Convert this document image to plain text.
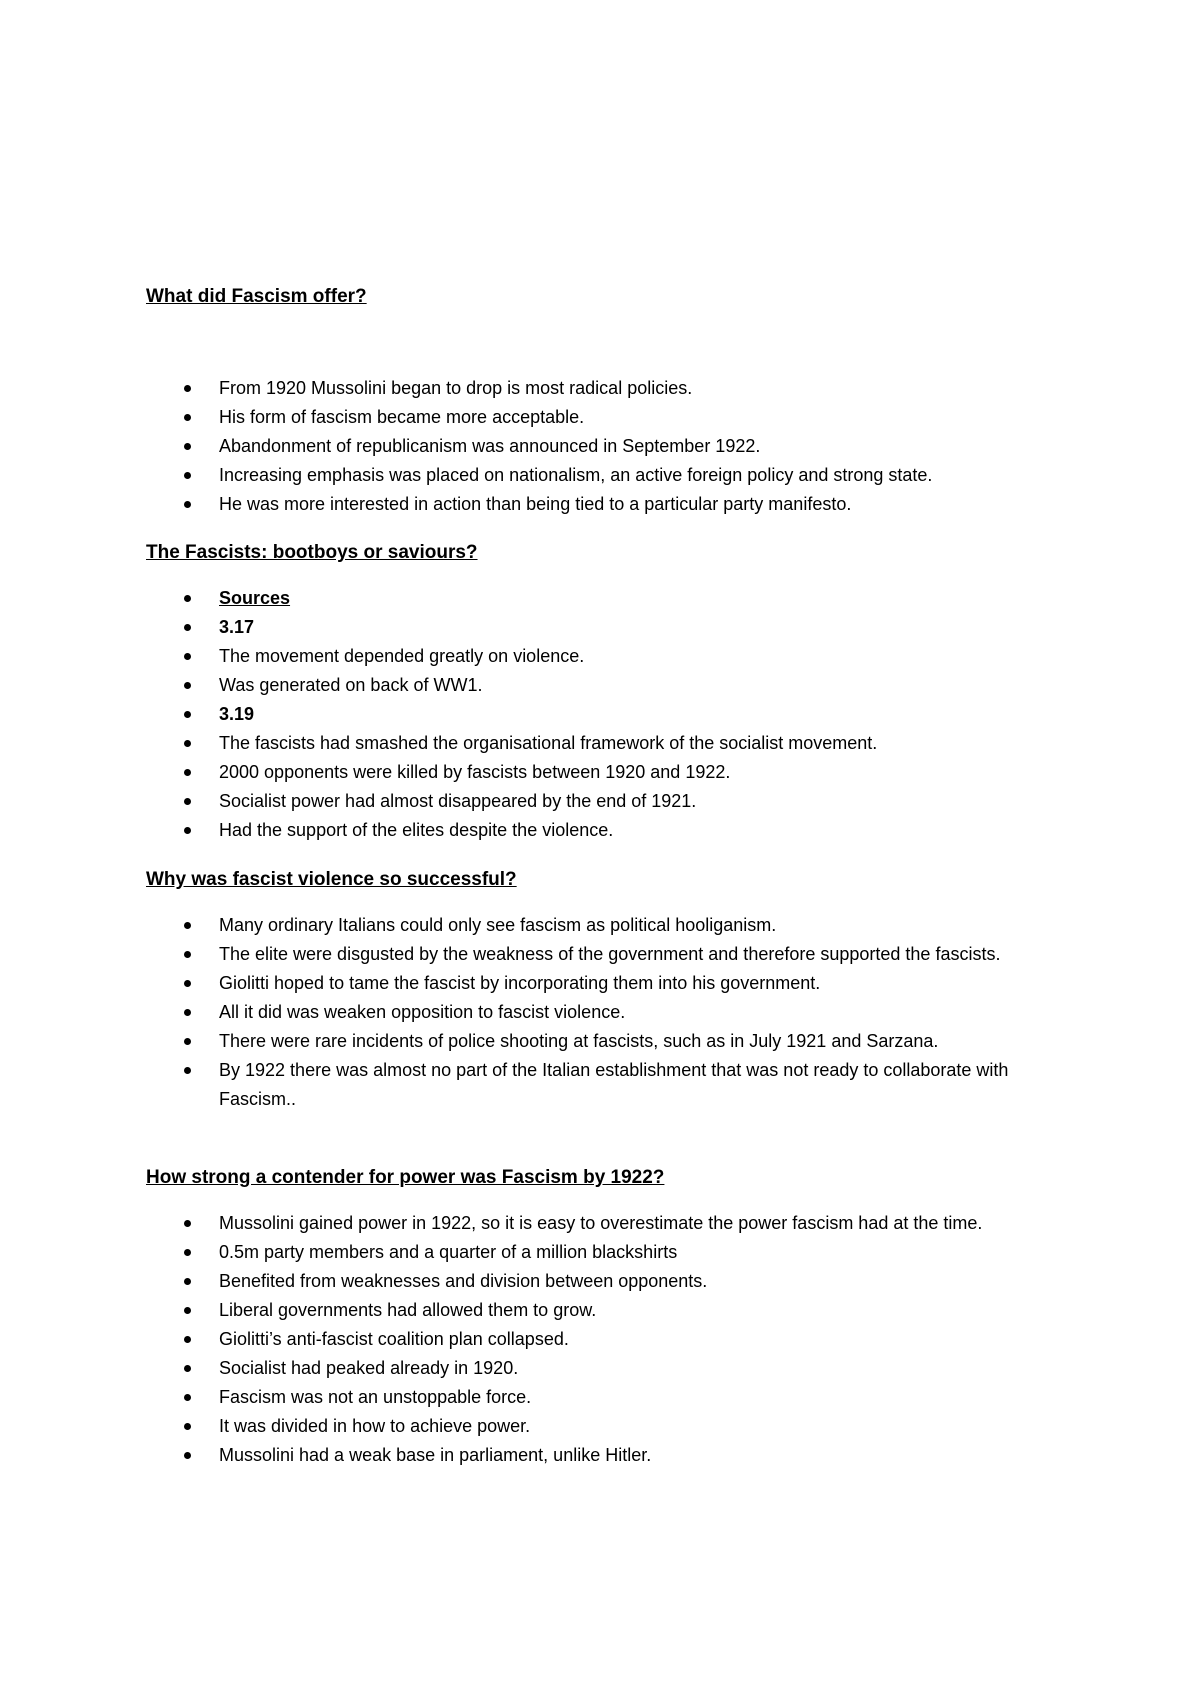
What did Fascism offer?
From 1920 Mussolini began to drop is most radical policies.
His form of fascism became more acceptable.
Abandonment of republicanism was announced in September 1922.
Increasing emphasis was placed on nationalism, an active foreign policy and strong state.
He was more interested in action than being tied to a particular party manifesto.
The Fascists: bootboys or saviours?
Sources
3.17
The movement depended greatly on violence.
Was generated on back of WW1.
3.19
The fascists had smashed the organisational framework of the socialist movement.
2000 opponents were killed by fascists between 1920 and 1922.
Socialist power had almost disappeared by the end of 1921.
Had the support of the elites despite the violence.
Why was fascist violence so successful?
Many ordinary Italians could only see fascism as political hooliganism.
The elite were disgusted by the weakness of the government and therefore supported the fascists.
Giolitti hoped to tame the fascist by incorporating them into his government.
All it did was weaken opposition to fascist violence.
There were rare incidents of police shooting at fascists, such as in July 1921 and Sarzana.
By 1922 there was almost no part of the Italian establishment that was not ready to collaborate with Fascism..
How strong a contender for power was Fascism by 1922?
Mussolini gained power in 1922, so it is easy to overestimate the power fascism had at the time.
0.5m party members and a quarter of a million blackshirts
Benefited from weaknesses and division between opponents.
Liberal governments had allowed them to grow.
Giolitti’s anti-fascist coalition plan collapsed.
Socialist had peaked already in 1920.
Fascism was not an unstoppable force.
It was divided in how to achieve power.
Mussolini had a weak base in parliament, unlike Hitler.
